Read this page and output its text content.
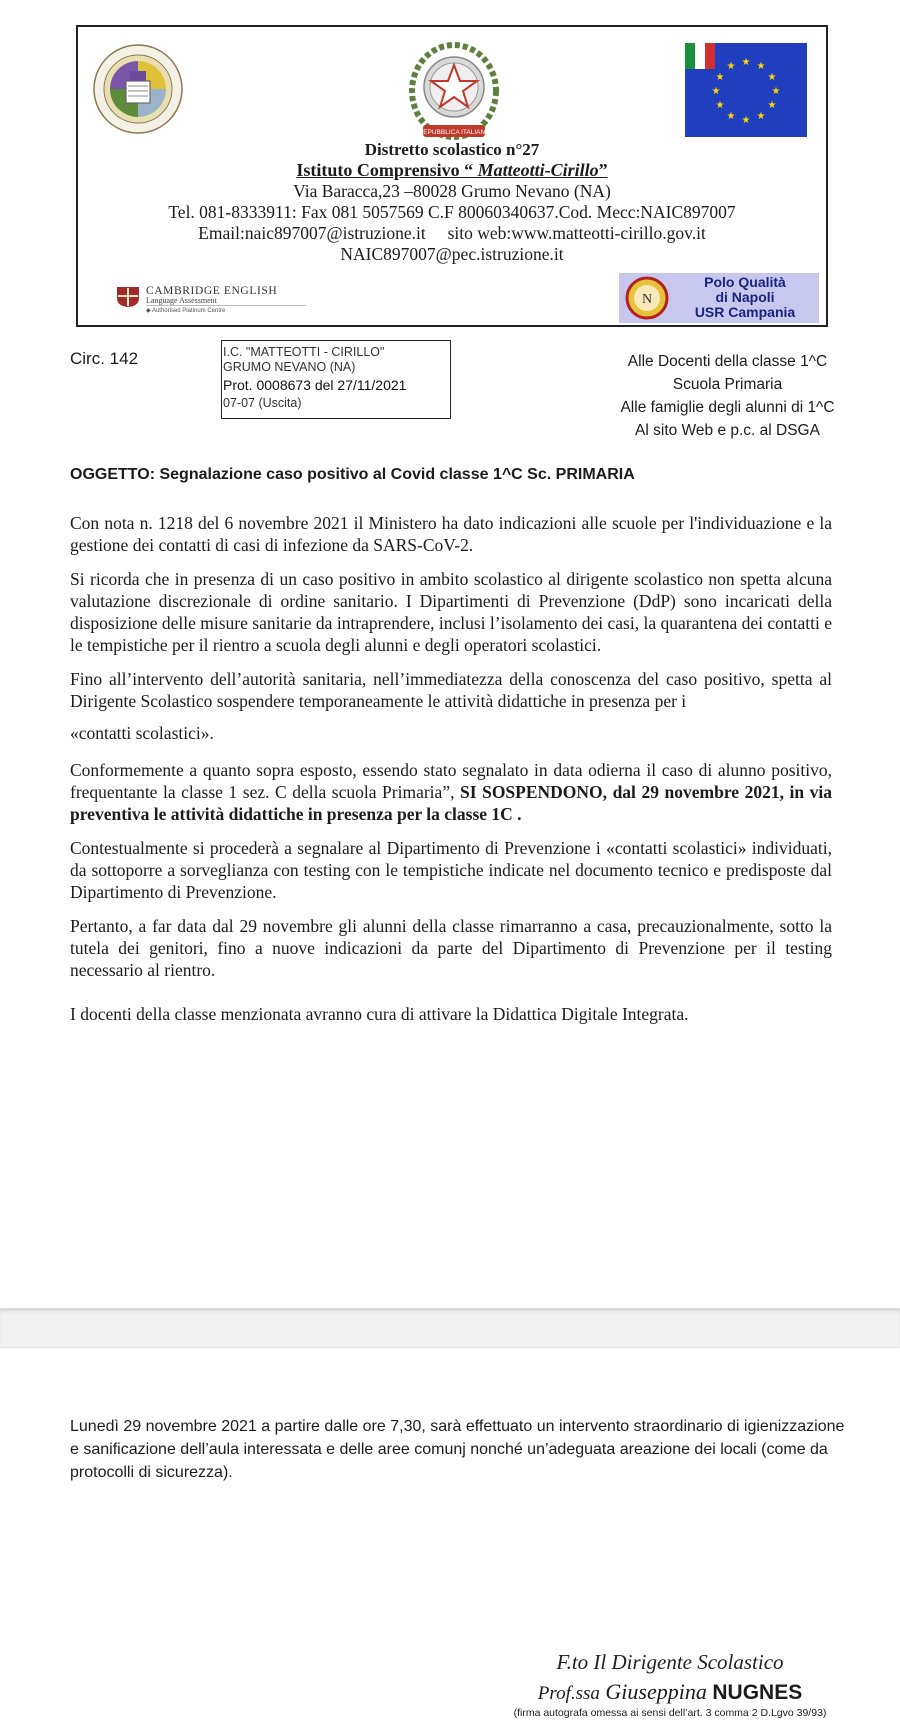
REPUBBLICA ITALIANA
★ ★
★
★
★
★
★
★
★
★
★
★
Distretto scolastico n°27
Istituto Comprensivo “ Matteotti-Cirillo”
Via Baracca,23 –80028 Grumo Nevano (NA)
Tel. 081-8333911: Fax 081 5057569 C.F 80060340637.Cod. Mecc:NAIC897007
Email:naic897007@istruzione.it     sito web:www.matteotti-cirillo.gov.it
NAIC897007@pec.istruzione.it
CAMBRIDGE ENGLISH
Language Assessment
◆ Authorised Platinum Centre
N
Polo Qualità
di Napoli
USR Campania
Circ. 142	I.C. "MATTEOTTI - CIRILLO"
GRUMO NEVANO (NA)
Prot. 0008673 del 27/11/2021
07-07 (Uscita)
Alle Docenti della classe 1^C
Scuola Primaria
Alle famiglie degli alunni di 1^C
Al sito Web e p.c. al DSGA
OGGETTO: Segnalazione caso positivo al Covid classe 1^C Sc. PRIMARIA

Con nota n. 1218 del 6 novembre 2021 il Ministero ha dato indicazioni alle scuole per l'individuazione e la gestione dei contatti di casi di infezione da SARS-CoV-2.

Si ricorda che in presenza di un caso positivo in ambito scolastico al dirigente scolastico non spetta alcuna valutazione discrezionale di ordine sanitario. I Dipartimenti di Prevenzione (DdP) sono incaricati della disposizione delle misure sanitarie da intraprendere, inclusi l’isolamento dei casi, la quarantena dei contatti e le tempistiche per il rientro a scuola degli alunni e degli operatori scolastici.

Fino all’intervento dell’autorità sanitaria, nell’immediatezza della conoscenza del caso positivo, spetta al Dirigente Scolastico sospendere temporaneamente le attività didattiche in presenza per i

«contatti scolastici».

Conformemente a quanto sopra esposto, essendo stato segnalato in data odierna il caso di alunno positivo, frequentante la classe 1 sez. C della scuola Primaria”, SI SOSPENDONO, dal 29 novembre 2021, in via preventiva le attività didattiche in presenza per la classe 1C .

Contestualmente si procederà a segnalare al Dipartimento di Prevenzione i «contatti scolastici» individuati, da sottoporre a sorveglianza con testing con le tempistiche indicate nel documento tecnico e predisposte dal Dipartimento di Prevenzione.

Pertanto, a far data dal 29 novembre gli alunni della classe rimarranno a casa, precauzionalmente, sotto la tutela dei genitori, fino a nuove indicazioni da parte del Dipartimento di Prevenzione per il testing necessario al rientro.

I docenti della classe menzionata avranno cura di attivare la Didattica Digitale Integrata.

Lunedì 29 novembre 2021 a partire dalle ore 7,30, sarà effettuato un intervento straordinario di igienizzazione e sanificazione dell’aula interessata e delle aree comunj nonché un’adeguata areazione dei locali (come da protocolli di sicurezza).
F.to Il Dirigente Scolastico
Prof.ssa Giuseppina NUGNES
(firma autografa omessa ai sensi dell’art. 3 comma 2 D.Lgvo 39/93)
